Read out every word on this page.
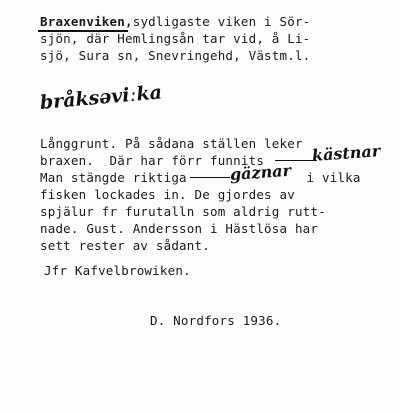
Braxenviken,sydligaste viken i Sör-
sjön, där Hemlingsån tar vid, å Li-
sjö, Sura sn, Snevringehd, Västm.l.
bråksəviːka
Långgrunt. På sådana ställen leker
braxen.  Där har förr funnits	kästnar
Man stängde riktiga	i vilka
gäznar
fisken lockades in. De gjordes av
spjälur fr furutalln som aldrig rutt-
nade. Gust. Andersson i Hästlösa har
sett rester av sådant.
Jfr Kafvelbrowiken.
D. Nordfors 1936.
